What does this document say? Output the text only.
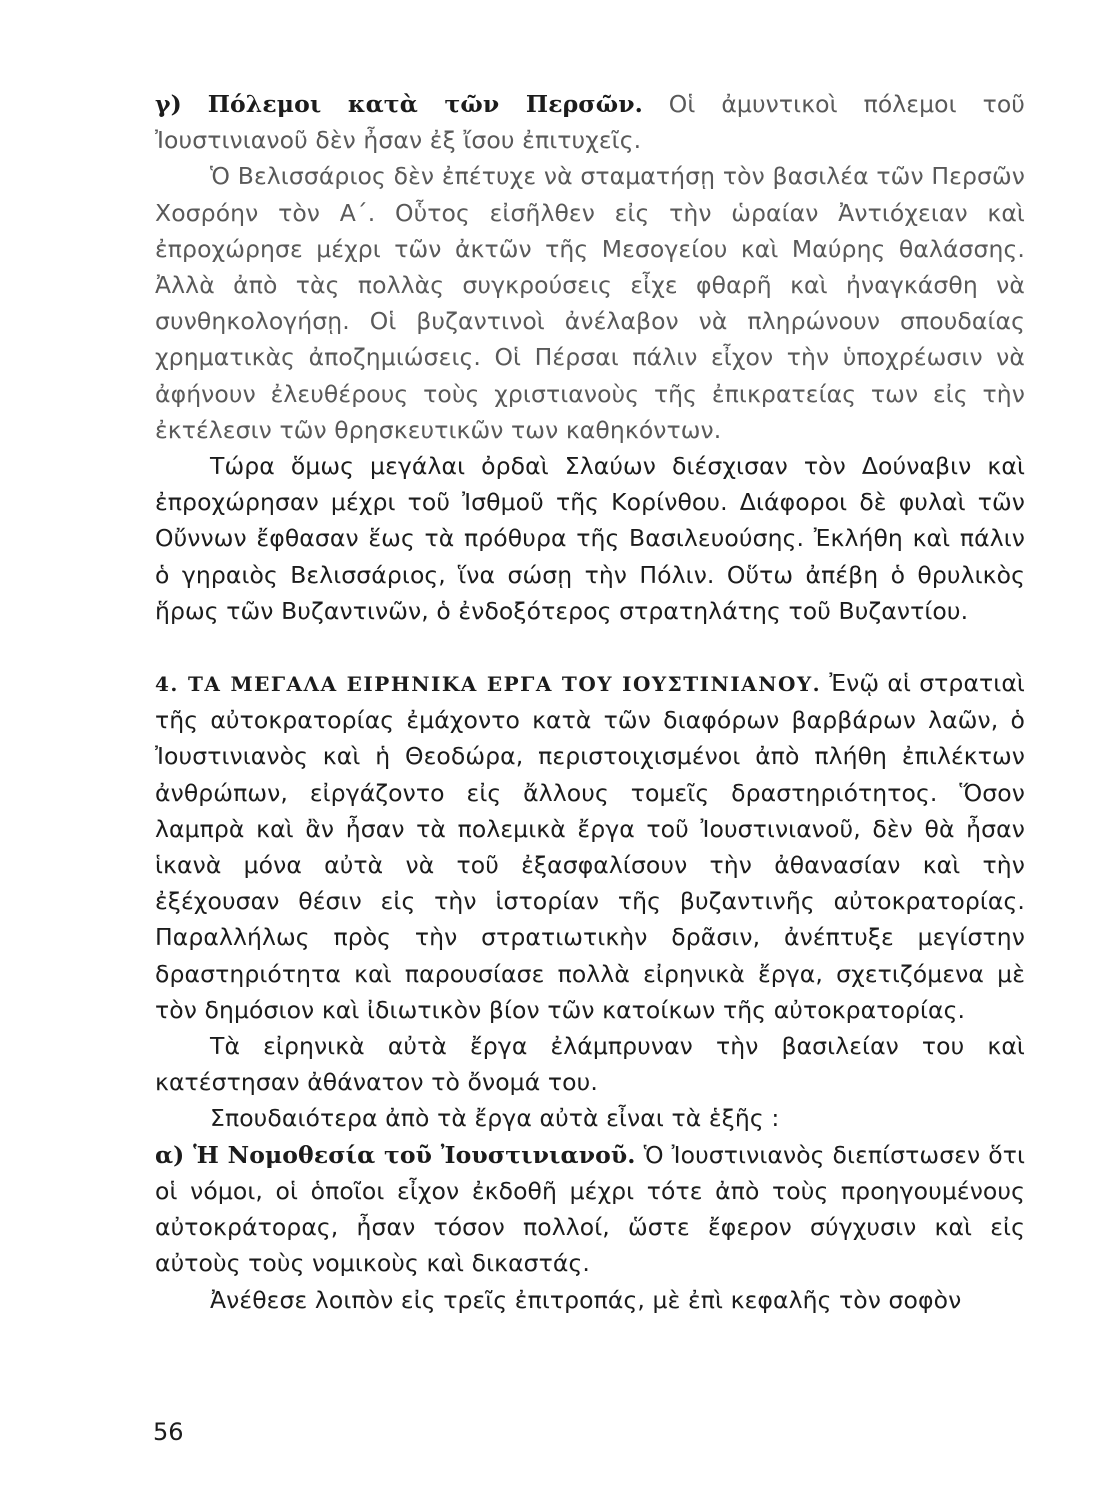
γ) Πόλεμοι κατὰ τῶν Περσῶν. Οἱ ἀμυντικοὶ πόλεμοι τοῦ Ἰουστινιανοῦ δὲν ἦσαν ἐξ ἴσου ἐπιτυχεῖς.

Ὁ Βελισσάριος δὲν ἐπέτυχε νὰ σταματήσῃ τὸν βασιλέα τῶν Περσῶν Χοσρόην τὸν Α΄. Οὗτος εἰσῆλθεν εἰς τὴν ὡραίαν Ἀντιόχειαν καὶ ἐπροχώρησε μέχρι τῶν ἀκτῶν τῆς Μεσογείου καὶ Μαύρης θαλάσσης. Ἀλλὰ ἀπὸ τὰς πολλὰς συγκρούσεις εἶχε φθαρῆ καὶ ἠναγκάσθη νὰ συνθηκολογήσῃ. Οἱ βυζαντινοὶ ἀνέλαβον νὰ πληρώνουν σπουδαίας χρηματικὰς ἀποζημιώσεις. Οἱ Πέρσαι πάλιν εἶχον τὴν ὑποχρέωσιν νὰ ἀφήνουν ἐλευθέρους τοὺς χριστιανοὺς τῆς ἐπικρατείας των εἰς τὴν ἐκτέλεσιν τῶν θρησκευτικῶν των καθηκόντων.

Τώρα ὅμως μεγάλαι ὀρδαὶ Σλαύων διέσχισαν τὸν Δούναβιν καὶ ἐπροχώρησαν μέχρι τοῦ Ἰσθμοῦ τῆς Κορίνθου. Διάφοροι δὲ φυλαὶ τῶν Οὔννων ἔφθασαν ἕως τὰ πρόθυρα τῆς Βασιλευούσης. Ἐκλήθη καὶ πάλιν ὁ γηραιὸς Βελισσάριος, ἵνα σώσῃ τὴν Πόλιν. Οὕτω ἀπέβη ὁ θρυλικὸς ἥρως τῶν Βυζαντινῶν, ὁ ἐνδοξότερος στρατηλάτης τοῦ Βυζαντίου.

4. ΤΑ ΜΕΓΑΛΑ ΕΙΡΗΝΙΚΑ ΕΡΓΑ ΤΟΥ ΙΟΥΣΤΙΝΙΑΝΟΥ. Ἐνῷ αἱ στρατιαὶ τῆς αὐτοκρατορίας ἐμάχοντο κατὰ τῶν διαφόρων βαρβάρων λαῶν, ὁ Ἰουστινιανὸς καὶ ἡ Θεοδώρα, περιστοιχισμένοι ἀπὸ πλήθη ἐπιλέκτων ἀνθρώπων, εἰργάζοντο εἰς ἄλλους τομεῖς δραστηριότητος. Ὅσον λαμπρὰ καὶ ἂν ἦσαν τὰ πολεμικὰ ἔργα τοῦ Ἰουστινιανοῦ, δὲν θὰ ἦσαν ἱκανὰ μόνα αὐτὰ νὰ τοῦ ἐξασφαλίσουν τὴν ἀθανασίαν καὶ τὴν ἐξέχουσαν θέσιν εἰς τὴν ἱστορίαν τῆς βυζαντινῆς αὐτοκρατορίας. Παραλλήλως πρὸς τὴν στρατιωτικὴν δρᾶσιν, ἀνέπτυξε μεγίστην δραστηριότητα καὶ παρουσίασε πολλὰ εἰρηνικὰ ἔργα, σχετιζόμενα μὲ τὸν δημόσιον καὶ ἰδιωτικὸν βίον τῶν κατοίκων τῆς αὐτοκρατορίας.

Τὰ εἰρηνικὰ αὐτὰ ἔργα ἐλάμπρυναν τὴν βασιλείαν του καὶ κατέστησαν ἀθάνατον τὸ ὄνομά του.

Σπουδαιότερα ἀπὸ τὰ ἔργα αὐτὰ εἶναι τὰ ἑξῆς :

α) Ἡ Νομοθεσία τοῦ Ἰουστινιανοῦ. Ὁ Ἰουστινιανὸς διεπίστωσεν ὅτι οἱ νόμοι, οἱ ὁποῖοι εἶχον ἐκδοθῆ μέχρι τότε ἀπὸ τοὺς προηγουμένους αὐτοκράτορας, ἦσαν τόσον πολλοί, ὥστε ἔφερον σύγχυσιν καὶ εἰς αὐτοὺς τοὺς νομικοὺς καὶ δικαστάς.

Ἀνέθεσε λοιπὸν εἰς τρεῖς ἐπιτροπάς, μὲ ἐπὶ κεφαλῆς τὸν σοφὸν

56
